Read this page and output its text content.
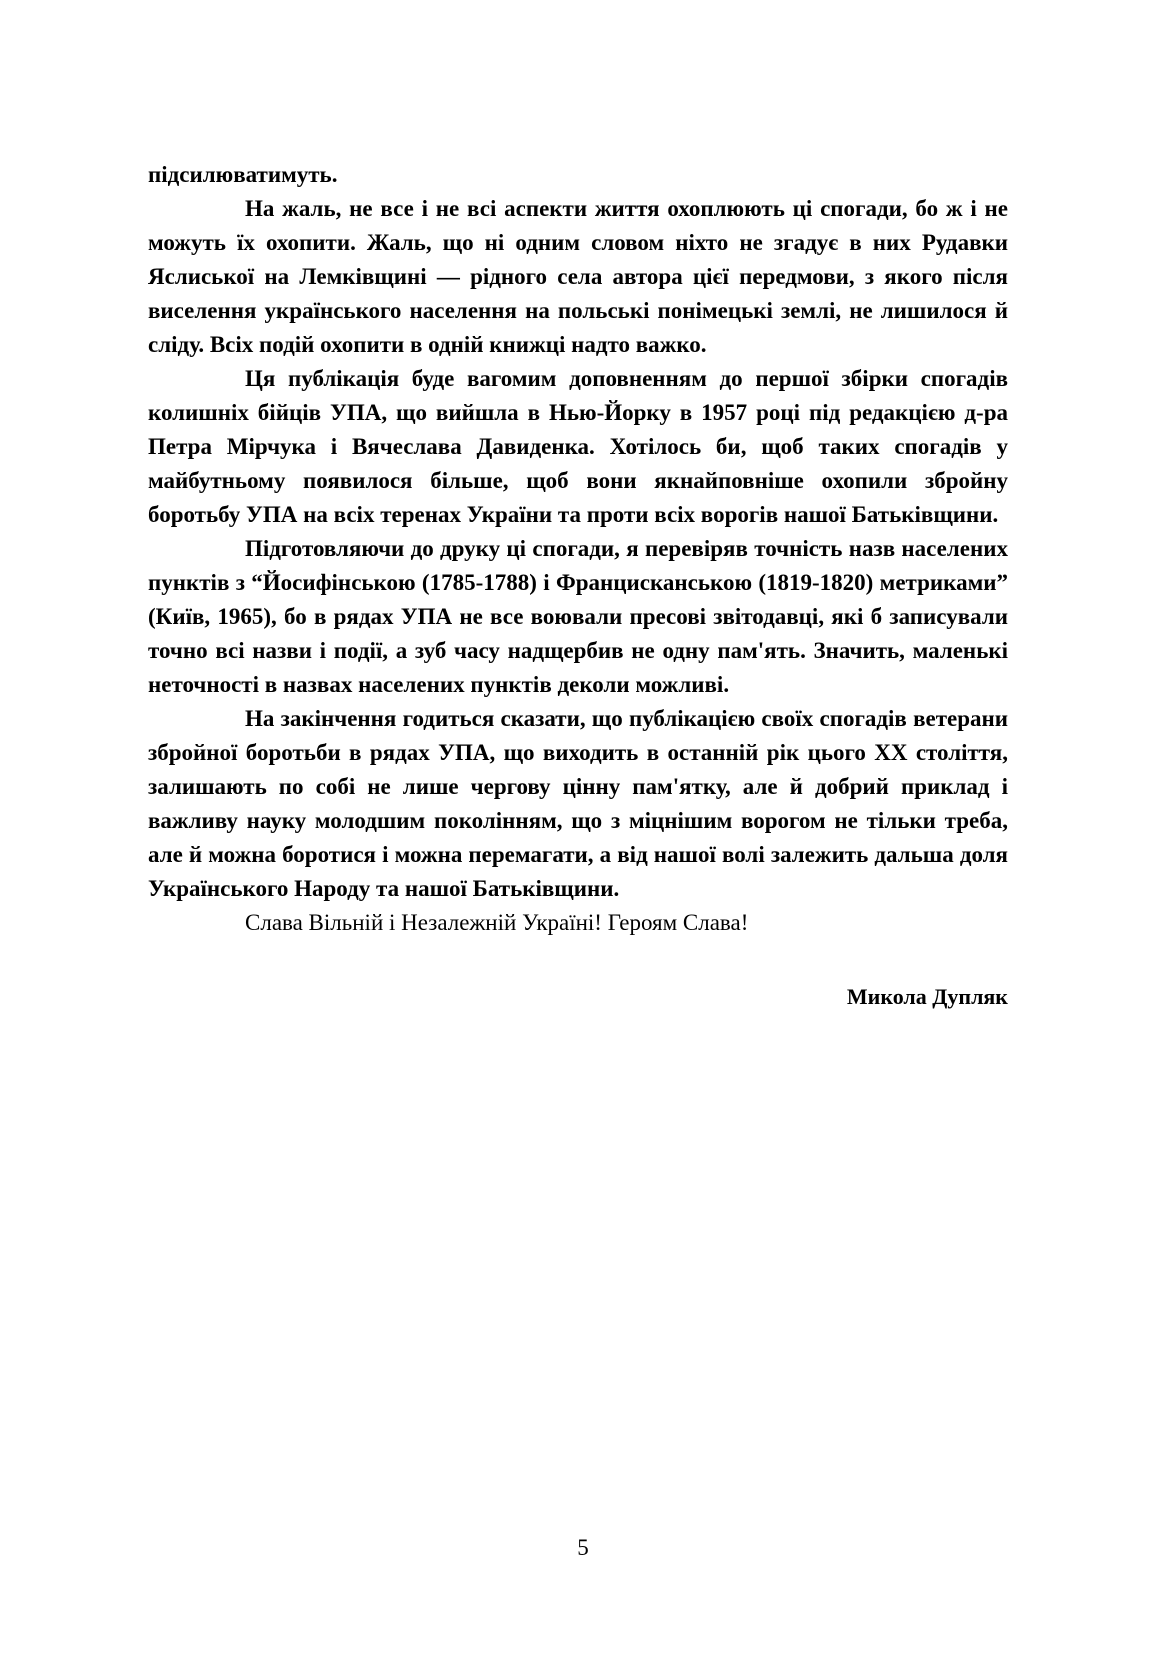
підсилюватимуть.

На жаль, не все і не всі аспекти життя охоплюють ці спогади, бо ж і не можуть їх охопити. Жаль, що ні одним словом ніхто не згадує в них Рудавки Яслиської на Лемківщині — рідного села автора цієї передмови, з якого після виселення українського населення на польські понімецькі землі, не лишилося й сліду. Всіх подій охопити в одній книжці надто важко.

Ця публікація буде вагомим доповненням до першої збірки спогадів колишніх бійців УПА, що вийшла в Нью-Йорку в 1957 році під редакцією д-ра Петра Мірчука і Вячеслава Давиденка. Хотілось би, щоб таких спогадів у майбутньому появилося більше, щоб вони якнайповніше охопили збройну боротьбу УПА на всіх теренах України та проти всіх ворогів нашої Батьківщини.

Підготовляючи до друку ці спогади, я перевіряв точність назв населених пунктів з “Йосифінською (1785-1788) і Францисканською (1819-1820) метриками” (Київ, 1965), бо в рядах УПА не все воювали пресові звітодавці, які б записували точно всі назви і події, а зуб часу надщербив не одну пам'ять. Значить, маленькі неточності в назвах населених пунктів деколи можливі.

На закінчення годиться сказати, що публікацією своїх спогадів ветерани збройної боротьби в рядах УПА, що виходить в останній рік цього XX століття, залишають по собі не лише чергову цінну пам'ятку, але й добрий приклад і важливу науку молодшим поколінням, що з міцнішим ворогом не тільки треба, але й можна боротися і можна перемагати, а від нашої волі залежить дальша доля Українського Народу та нашої Батьківщини.

Слава Вільній і Незалежній Україні! Героям Слава!

Микола Дупляк
5
